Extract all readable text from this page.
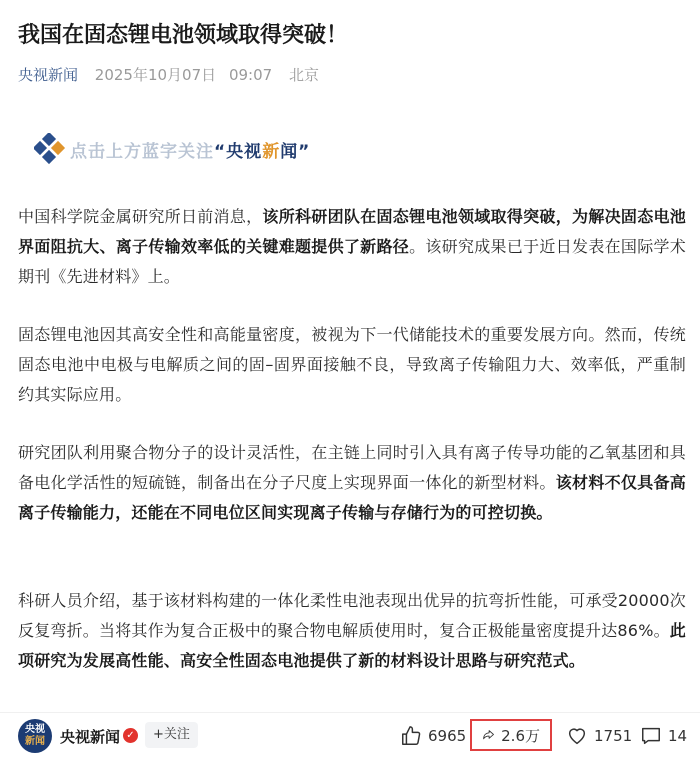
我国在固态锂电池领域取得突破！
央视新闻 2025年10月07日 09:07 北京
点击上方蓝字关注 “央视新闻”

中国科学院金属研究所日前消息，该所科研团队在固态锂电池领域取得突破，为解决固态电池界面阻抗大、离子传输效率低的关键难题提供了新路径。该研究成果已于近日发表在国际学术期刊《先进材料》上。

固态锂电池因其高安全性和高能量密度，被视为下一代储能技术的重要发展方向。然而，传统固态电池中电极与电解质之间的固–固界面接触不良，导致离子传输阻力大、效率低，严重制约其实际应用。

研究团队利用聚合物分子的设计灵活性，在主链上同时引入具有离子传导功能的乙氧基团和具备电化学活性的短硫链，制备出在分子尺度上实现界面一体化的新型材料。该材料不仅具备高离子传输能力，还能在不同电位区间实现离子传输与存储行为的可控切换。

科研人员介绍，基于该材料构建的一体化柔性电池表现出优异的抗弯折性能，可承受20000次反复弯折。当将其作为复合正极中的聚合物电解质使用时，复合正极能量密度提升达86%。此项研究为发展高性能、高安全性固态电池提供了新的材料设计思路与研究范式。

央视
新闻 央视新闻 ✓	+关注	6965 2.6万	1751 14
